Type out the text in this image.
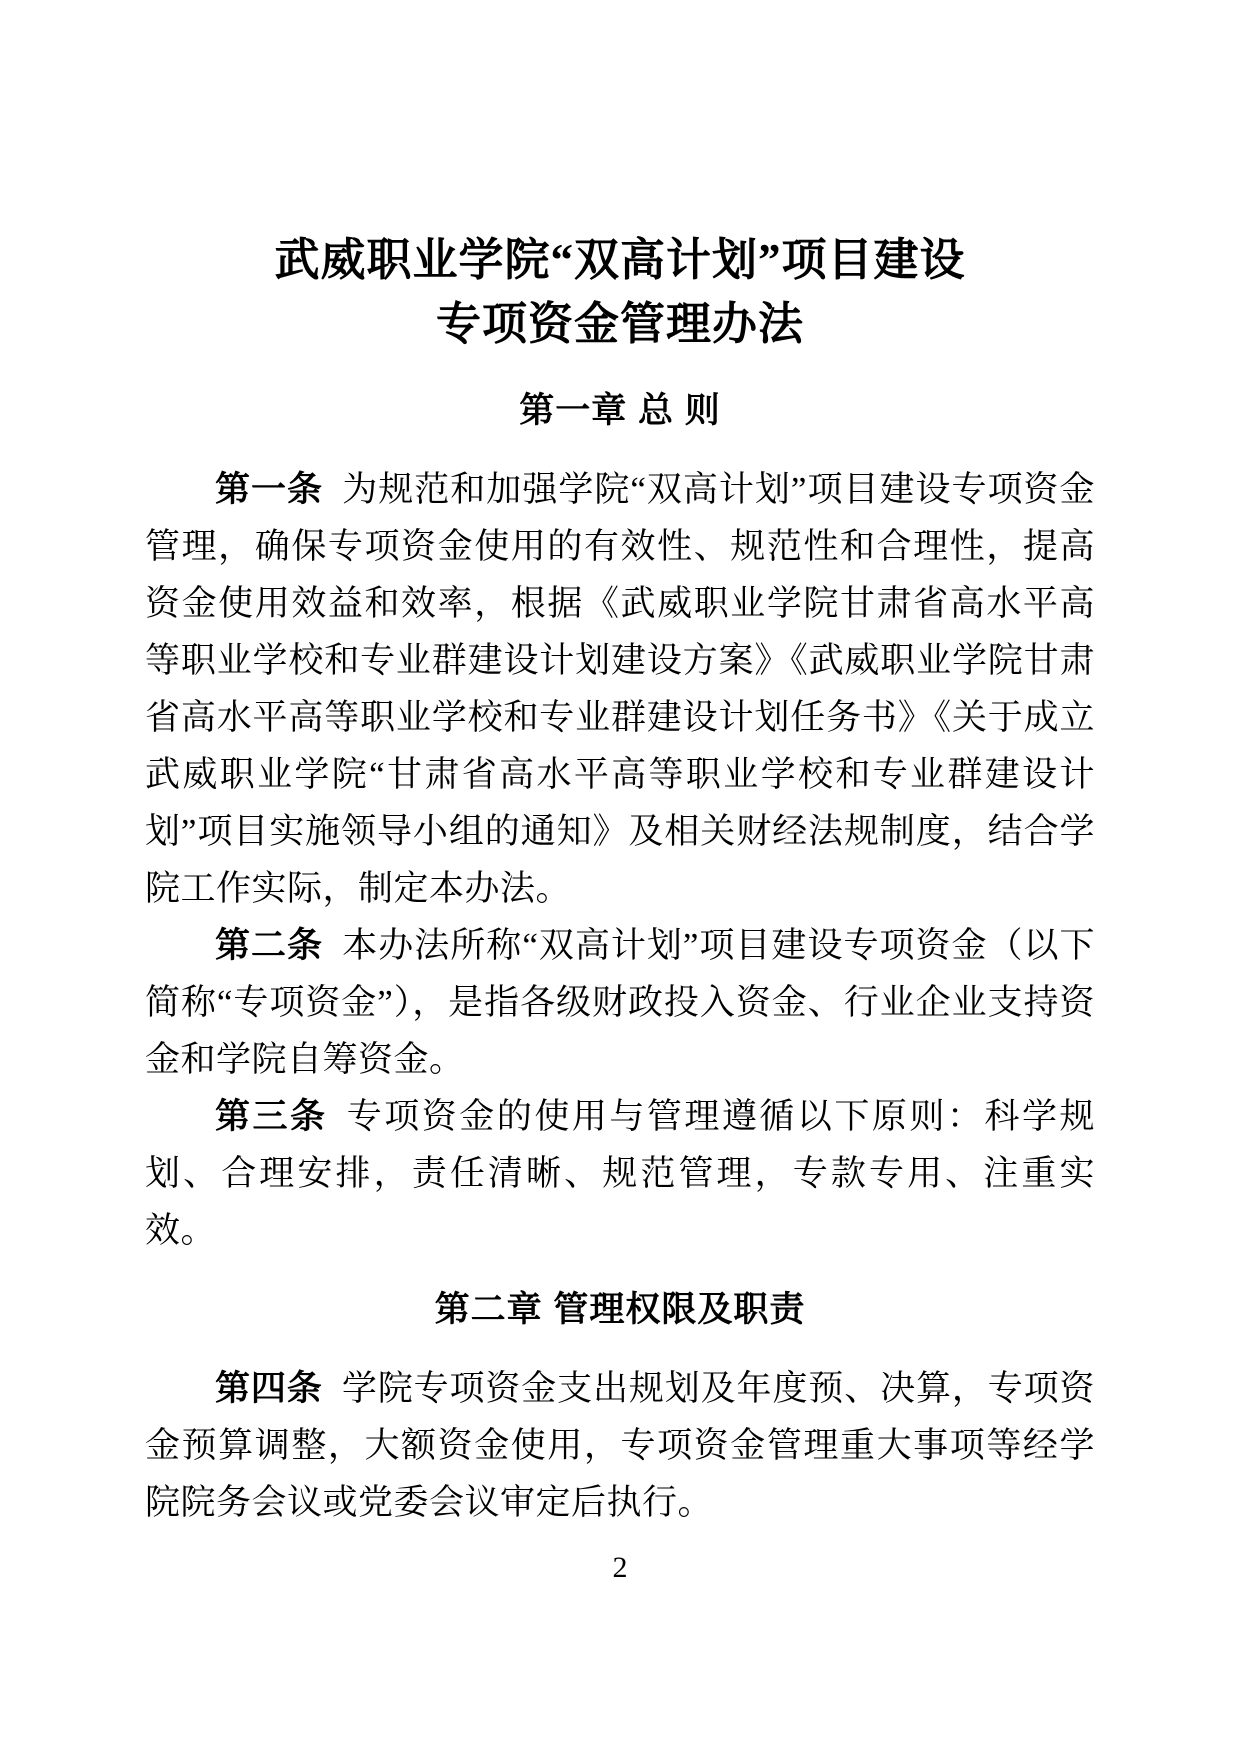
武威职业学院“双高计划”项目建设
专项资金管理办法
第一章 总 则

第一条 为规范和加强学院“双高计划”项目建设专项资金管理，确保专项资金使用的有效性、规范性和合理性，提高资金使用效益和效率，根据《武威职业学院甘肃省高水平高等职业学校和专业群建设计划建设方案》《武威职业学院甘肃省高水平高等职业学校和专业群建设计划任务书》《关于成立武威职业学院“甘肃省高水平高等职业学校和专业群建设计划”项目实施领导小组的通知》及相关财经法规制度，结合学院工作实际，制定本办法。

第二条 本办法所称“双高计划”项目建设专项资金（以下简称“专项资金”），是指各级财政投入资金、行业企业支持资金和学院自筹资金。

第三条 专项资金的使用与管理遵循以下原则：科学规划、合理安排，责任清晰、规范管理，专款专用、注重实效。

第二章 管理权限及职责

第四条 学院专项资金支出规划及年度预、决算，专项资金预算调整，大额资金使用，专项资金管理重大事项等经学院院务会议或党委会议审定后执行。

2
